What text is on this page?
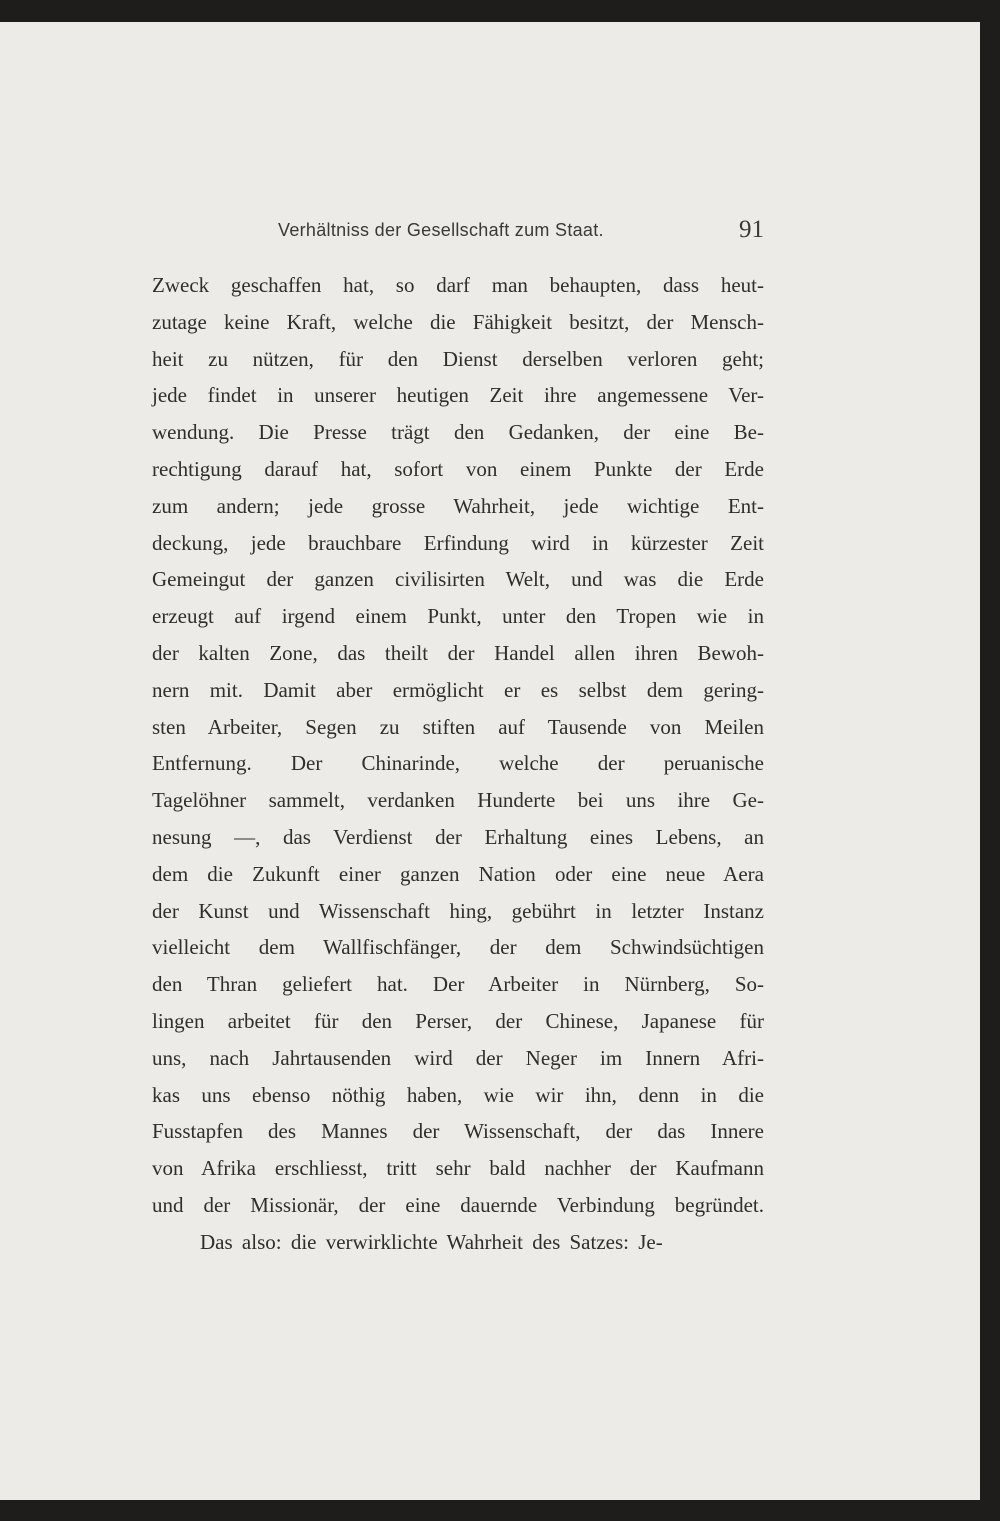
Verhältniss der Gesellschaft zum Staat.	91
Zweck geschaffen hat, so darf man behaupten, dass heut-
zutage keine Kraft, welche die Fähigkeit besitzt, der Mensch-
heit zu nützen, für den Dienst derselben verloren geht;
jede findet in unserer heutigen Zeit ihre angemessene Ver-
wendung. Die Presse trägt den Gedanken, der eine Be-
rechtigung darauf hat, sofort von einem Punkte der Erde
zum andern; jede grosse Wahrheit, jede wichtige Ent-
deckung, jede brauchbare Erfindung wird in kürzester Zeit
Gemeingut der ganzen civilisirten Welt, und was die Erde
erzeugt auf irgend einem Punkt, unter den Tropen wie in
der kalten Zone, das theilt der Handel allen ihren Bewoh-
nern mit. Damit aber ermöglicht er es selbst dem gering-
sten Arbeiter, Segen zu stiften auf Tausende von Meilen
Entfernung. Der Chinarinde, welche der peruanische
Tagelöhner sammelt, verdanken Hunderte bei uns ihre Ge-
nesung —, das Verdienst der Erhaltung eines Lebens, an
dem die Zukunft einer ganzen Nation oder eine neue Aera
der Kunst und Wissenschaft hing, gebührt in letzter Instanz
vielleicht dem Wallfischfänger, der dem Schwindsüchtigen
den Thran geliefert hat. Der Arbeiter in Nürnberg, So-
lingen arbeitet für den Perser, der Chinese, Japanese für
uns, nach Jahrtausenden wird der Neger im Innern Afri-
kas uns ebenso nöthig haben, wie wir ihn, denn in die
Fusstapfen des Mannes der Wissenschaft, der das Innere
von Afrika erschliesst, tritt sehr bald nachher der Kaufmann
und der Missionär, der eine dauernde Verbindung begründet.
Das also: die verwirklichte Wahrheit des Satzes: Je-
